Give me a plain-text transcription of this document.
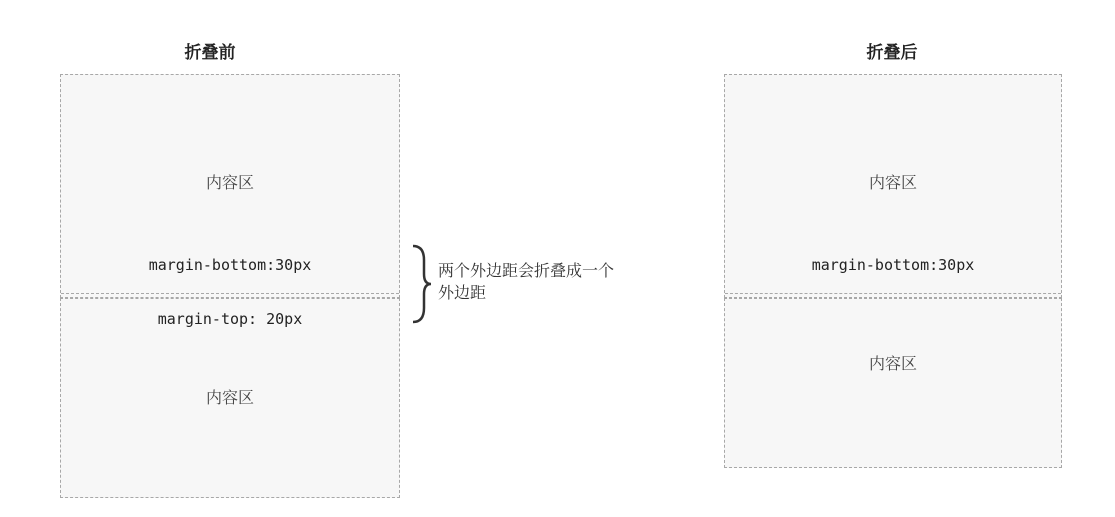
折叠前
内容区
margin-bottom:30px
内容区
margin-top: 20px
两个外边距会折叠成一个
外边距
折叠后
内容区
margin-bottom:30px
内容区
